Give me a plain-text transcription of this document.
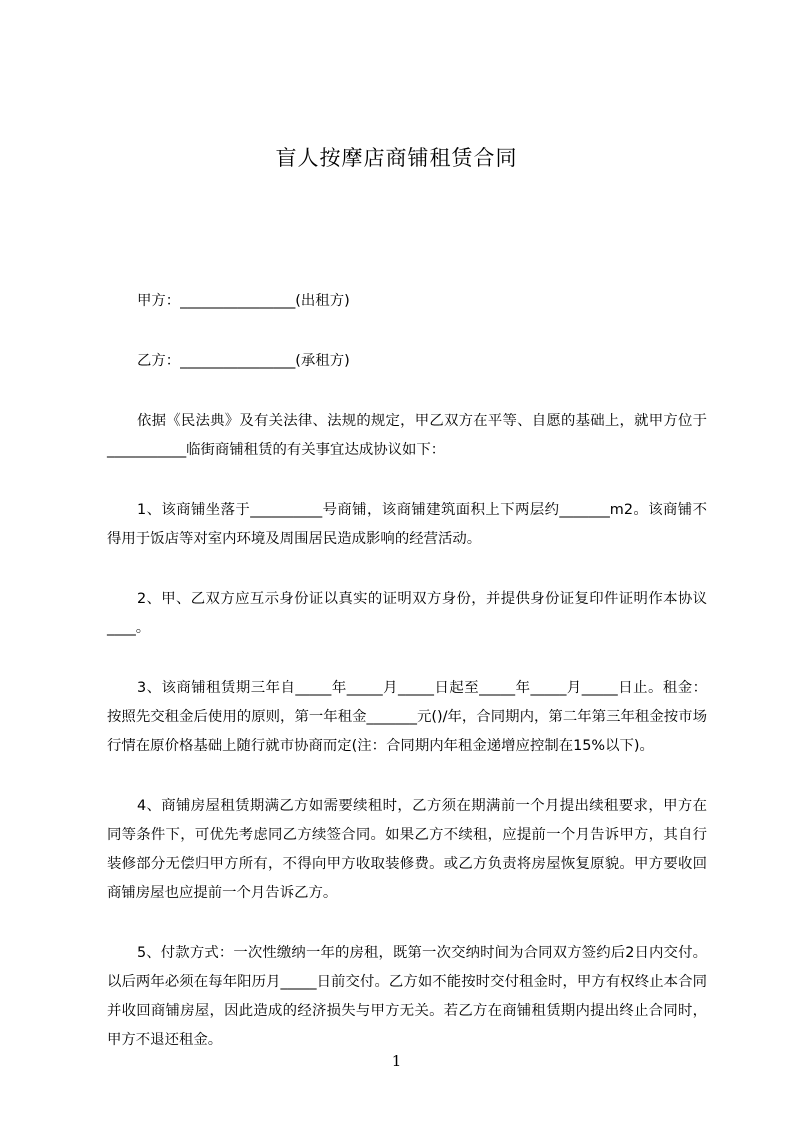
盲人按摩店商铺租赁合同

甲方：________________(出租方)

乙方：________________(承租方)

依据《民法典》及有关法律、法规的规定，甲乙双方在平等、自愿的基础上，就甲方位于___________临街商铺租赁的有关事宜达成协议如下：

1、该商铺坐落于__________号商铺，该商铺建筑面积上下两层约_______m2。该商铺不得用于饭店等对室内环境及周围居民造成影响的经营活动。

2、甲、乙双方应互示身份证以真实的证明双方身份，并提供身份证复印件证明作本协议____。

3、该商铺租赁期三年自_____年_____月_____日起至_____年_____月_____日止。租金：按照先交租金后使用的原则，第一年租金_______元()/年，合同期内，第二年第三年租金按市场行情在原价格基础上随行就市协商而定(注：合同期内年租金递增应控制在15%以下)。

4、商铺房屋租赁期满乙方如需要续租时，乙方须在期满前一个月提出续租要求，甲方在同等条件下，可优先考虑同乙方续签合同。如果乙方不续租，应提前一个月告诉甲方，其自行装修部分无偿归甲方所有，不得向甲方收取装修费。或乙方负责将房屋恢复原貌。甲方要收回商铺房屋也应提前一个月告诉乙方。

5、付款方式：一次性缴纳一年的房租，既第一次交纳时间为合同双方签约后2日内交付。以后两年必须在每年阳历月_____日前交付。乙方如不能按时交付租金时，甲方有权终止本合同并收回商铺房屋，因此造成的经济损失与甲方无关。若乙方在商铺租赁期内提出终止合同时，甲方不退还租金。

1
